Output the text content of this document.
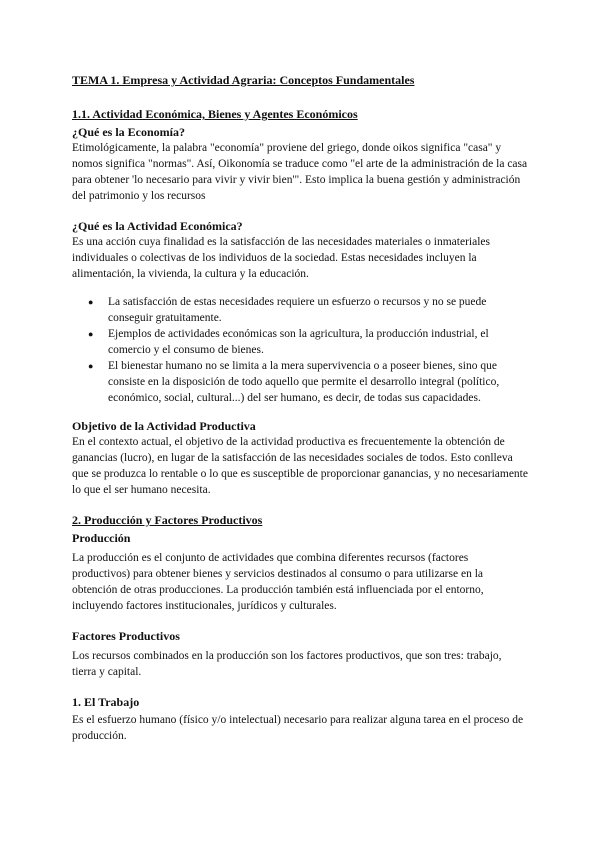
TEMA 1. Empresa y Actividad Agraria: Conceptos Fundamentales
1.1. Actividad Económica, Bienes y Agentes Económicos
¿Qué es la Economía?

Etimológicamente, la palabra "economía" proviene del griego, donde oikos significa "casa" y nomos significa "normas". Así, Oikonomía se traduce como "el arte de la administración de la casa para obtener 'lo necesario para vivir y vivir bien'". Esto implica la buena gestión y administración del patrimonio y los recursos

¿Qué es la Actividad Económica?

Es una acción cuya finalidad es la satisfacción de las necesidades materiales o inmateriales individuales o colectivas de los individuos de la sociedad. Estas necesidades incluyen la alimentación, la vivienda, la cultura y la educación.

● La satisfacción de estas necesidades requiere un esfuerzo o recursos y no se puede conseguir gratuitamente.
● Ejemplos de actividades económicas son la agricultura, la producción industrial, el comercio y el consumo de bienes.
● El bienestar humano no se limita a la mera supervivencia o a poseer bienes, sino que consiste en la disposición de todo aquello que permite el desarrollo integral (político, económico, social, cultural...) del ser humano, es decir, de todas sus capacidades.
Objetivo de la Actividad Productiva

En el contexto actual, el objetivo de la actividad productiva es frecuentemente la obtención de ganancias (lucro), en lugar de la satisfacción de las necesidades sociales de todos. Esto conlleva que se produzca lo rentable o lo que es susceptible de proporcionar ganancias, y no necesariamente lo que el ser humano necesita.

2. Producción y Factores Productivos
Producción

La producción es el conjunto de actividades que combina diferentes recursos (factores productivos) para obtener bienes y servicios destinados al consumo o para utilizarse en la obtención de otras producciones. La producción también está influenciada por el entorno, incluyendo factores institucionales, jurídicos y culturales.

Factores Productivos

Los recursos combinados en la producción son los factores productivos, que son tres: trabajo, tierra y capital.

1. El Trabajo

Es el esfuerzo humano (físico y/o intelectual) necesario para realizar alguna tarea en el proceso de producción.
